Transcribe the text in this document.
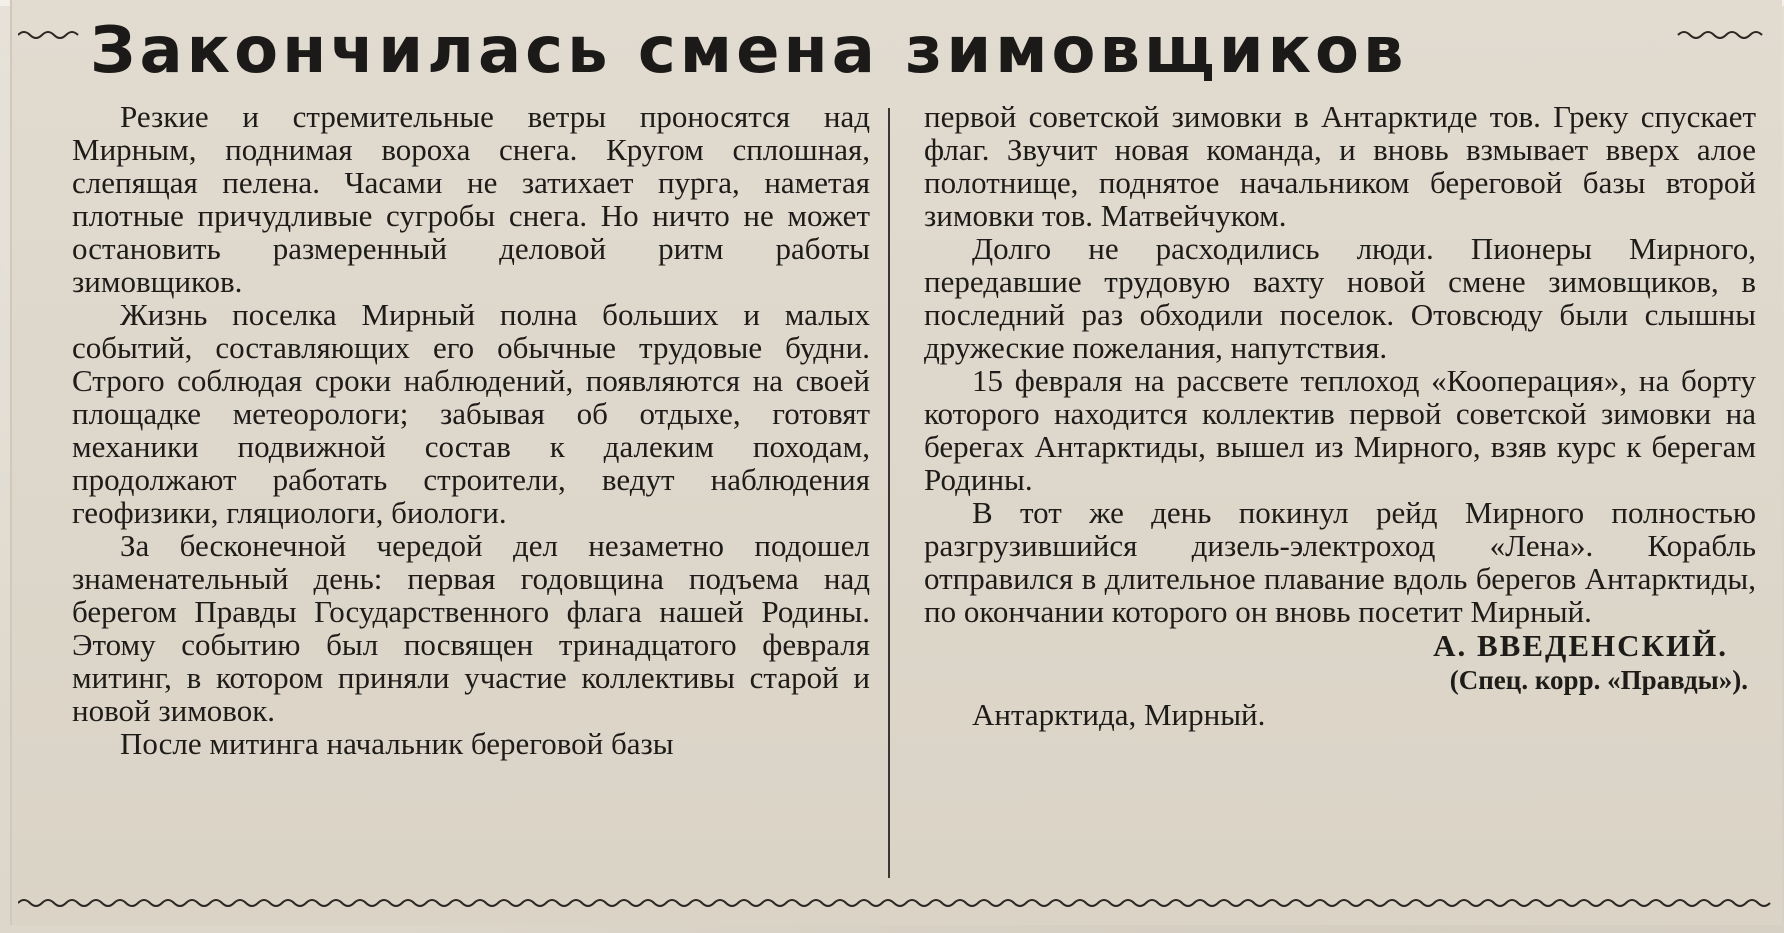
Закончилась смена зимовщиков

Резкие и стремительные ветры проносятся над Мирным, поднимая вороха снега. Кругом сплошная, слепящая пелена. Часами не затихает пурга, наметая плотные причудливые сугробы снега. Но ничто не может остановить размеренный деловой ритм работы зимовщиков.

Жизнь поселка Мирный полна больших и малых событий, составляющих его обычные трудовые будни. Строго соблюдая сроки наблюдений, появляются на своей площадке метеорологи; забывая об отдыхе, готовят механики подвижной состав к далеким походам, продолжают работать строители, ведут наблюдения геофизики, гляциологи, биологи.

За бесконечной чередой дел незаметно подошел знаменательный день: первая годовщина подъема над берегом Правды Государственного флага нашей Родины. Этому событию был посвящен тринадцатого февраля митинг, в котором приняли участие коллективы старой и новой зимовок.

После митинга начальник береговой базы

первой советской зимовки в Антарктиде тов. Греку спускает флаг. Звучит новая команда, и вновь взмывает вверх алое полотнище, поднятое начальником береговой базы второй зимовки тов. Матвейчуком.

Долго не расходились люди. Пионеры Мирного, передавшие трудовую вахту новой смене зимовщиков, в последний раз обходили поселок. Отовсюду были слышны дружеские пожелания, напутствия.

15 февраля на рассвете теплоход «Кооперация», на борту которого находится коллектив первой советской зимовки на берегах Антарктиды, вышел из Мирного, взяв курс к берегам Родины.

В тот же день покинул рейд Мирного полностью разгрузившийся дизель-электроход «Лена». Корабль отправился в длительное плавание вдоль берегов Антарктиды, по окончании которого он вновь посетит Мирный.

А. ВВЕДЕНСКИЙ.

(Спец. корр. «Правды»).

Антарктида, Мирный.
